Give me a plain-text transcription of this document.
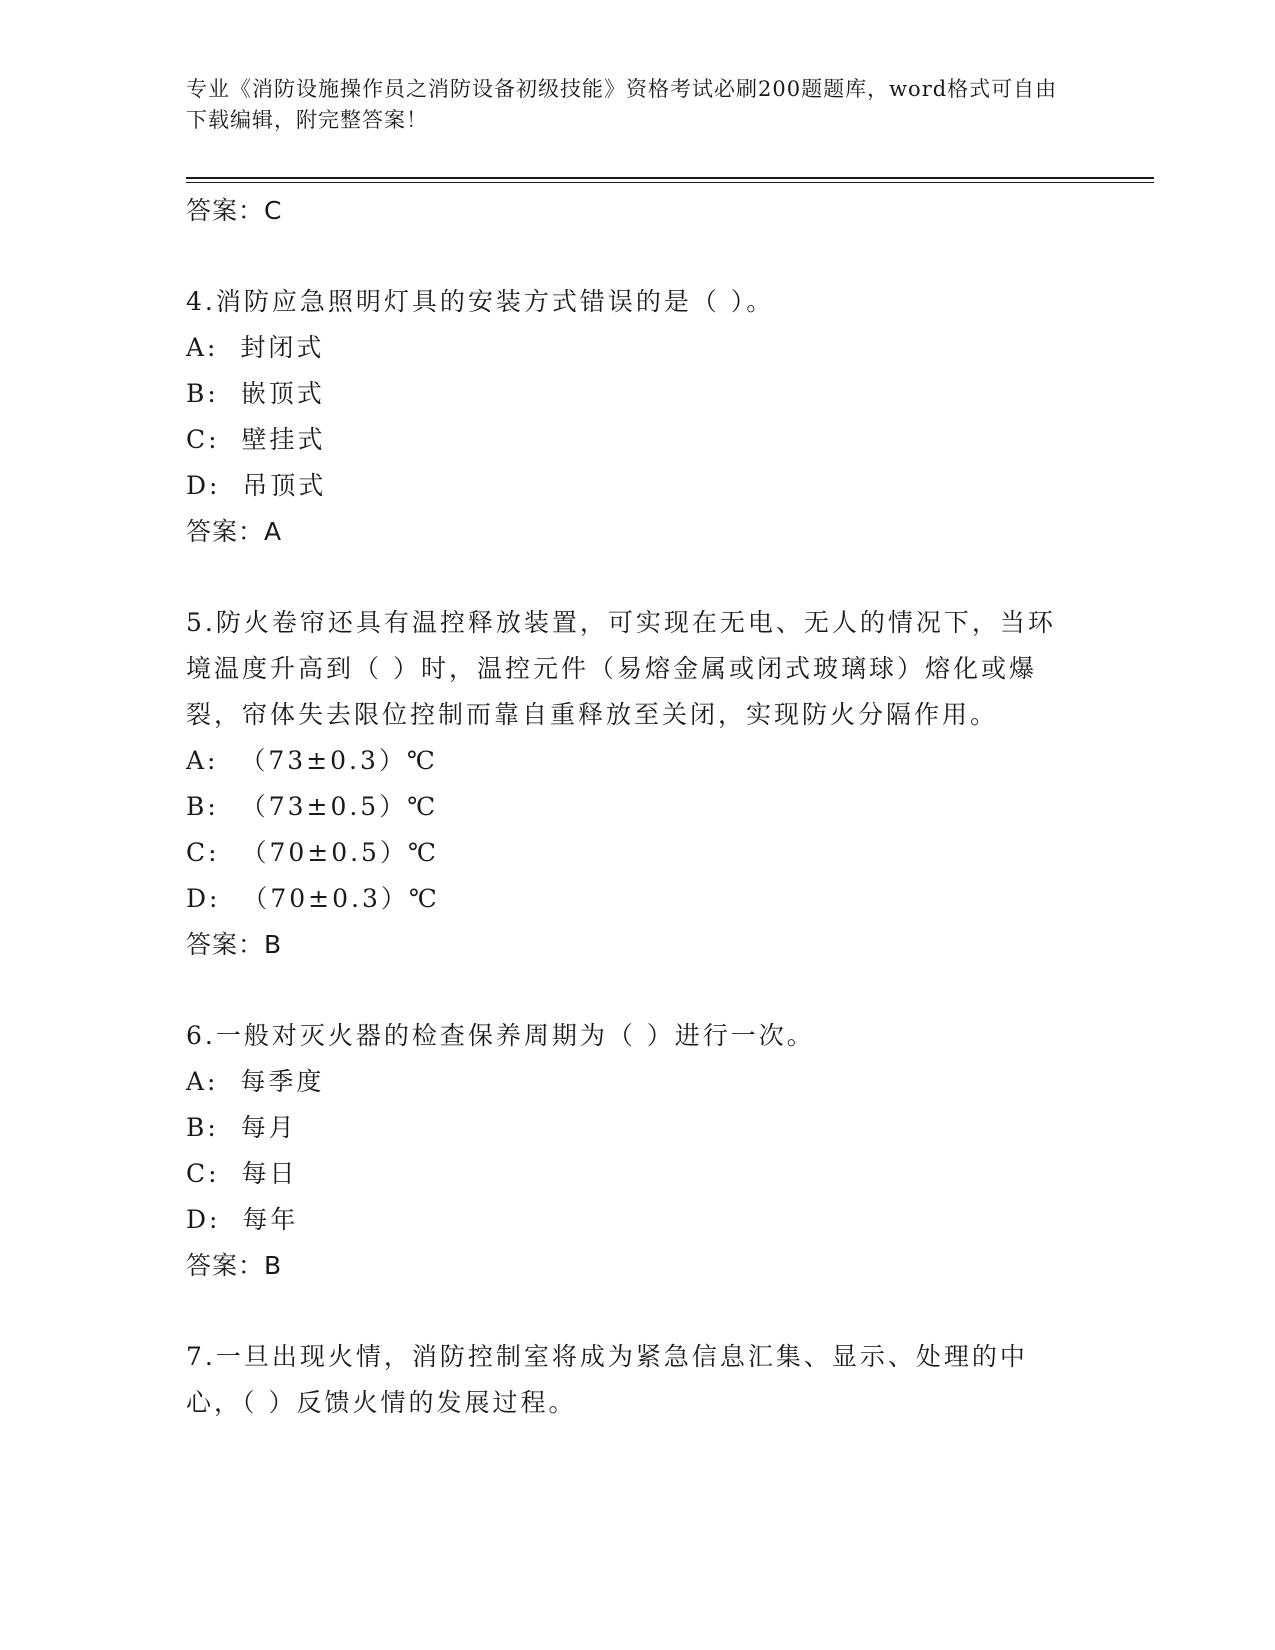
专业《消防设施操作员之消防设备初级技能》资格考试必刷200题题库，word格式可自由下载编辑，附完整答案！
答案：C
4.消防应急照明灯具的安装方式错误的是（ ）。
A:  封闭式
B:  嵌顶式
C:  壁挂式
D:  吊顶式
答案：A
5.防火卷帘还具有温控释放装置，可实现在无电、无人的情况下，当环境温度升高到（ ）时，温控元件（易熔金属或闭式玻璃球）熔化或爆裂，帘体失去限位控制而靠自重释放至关闭，实现防火分隔作用。
A:  （73±0.3）℃
B:  （73±0.5）℃
C:  （70±0.5）℃
D:  （70±0.3）℃
答案：B
6.一般对灭火器的检查保养周期为（ ）进行一次。
A:  每季度
B:  每月
C:  每日
D:  每年
答案：B
7.一旦出现火情，消防控制室将成为紧急信息汇集、显示、处理的中心，（ ）反馈火情的发展过程。
